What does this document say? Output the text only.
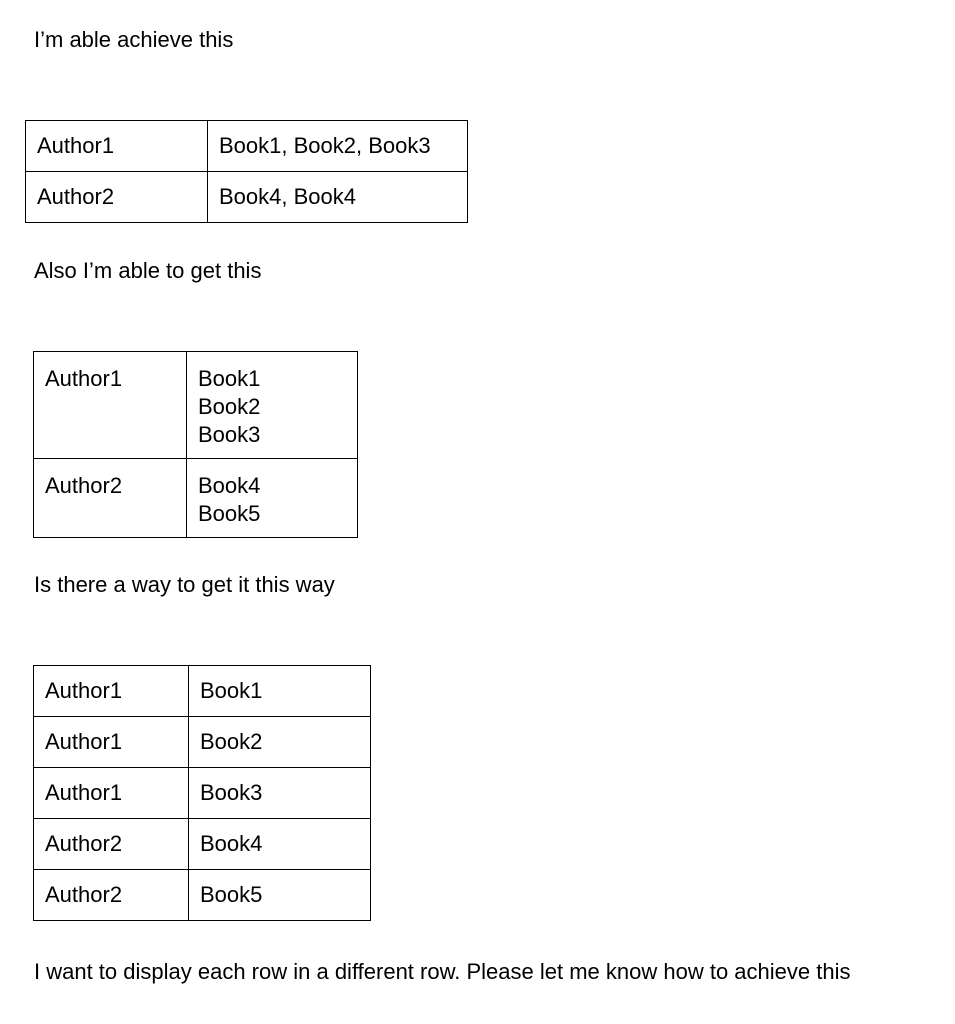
I’m able achieve this

Author1	Book1, Book2, Book3
Author2	Book4, Book4

Also I’m able to get this

Author1	Book1
Book2
Book3

Author2	Book4
Book5

Is there a way to get it this way

Author1	Book1
Author1	Book2
Author1	Book3
Author2	Book4
Author2	Book5

I want to display each row in a different row. Please let me know how to achieve this
